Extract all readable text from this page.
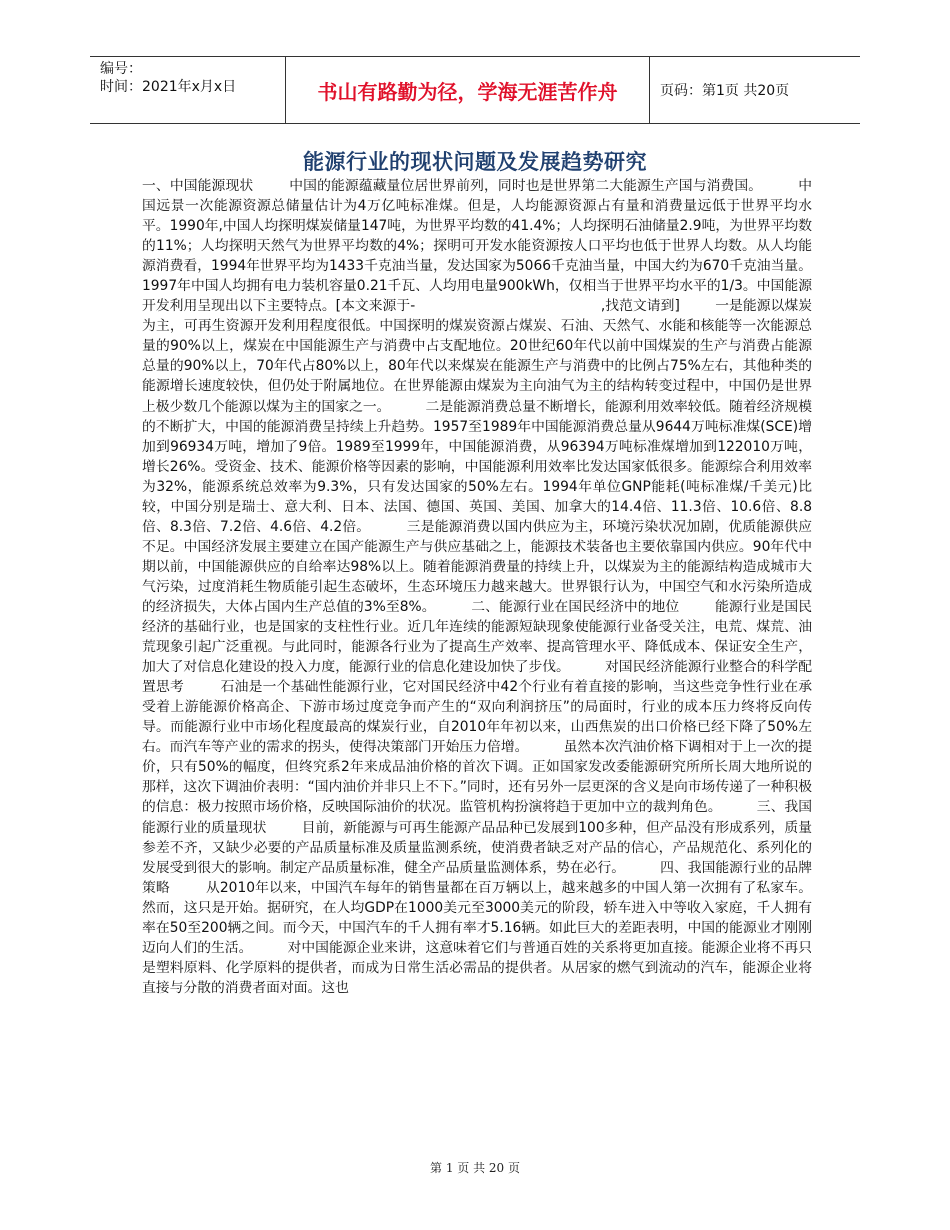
编号：
时间：2021年x月x日	书山有路勤为径，学海无涯苦作舟	页码：第1页 共20页
能源行业的现状问题及发展趋势研究
一、中国能源现状        中国的能源蕴藏量位居世界前列，同时也是世界第二大能源生产国与消费国。        中国远景一次能源资源总储量估计为4万亿吨标准煤。但是，人均能源资源占有量和消费量远低于世界平均水平。1990年,中国人均探明煤炭储量147吨，为世界平均数的41.4%；人均探明石油储量2.9吨，为世界平均数的11%；人均探明天然气为世界平均数的4%；探明可开发水能资源按人口平均也低于世界人均数。从人均能源消费看，1994年世界平均为1433千克油当量，发达国家为5066千克油当量，中国大约为670千克油当量。1997年中国人均拥有电力装机容量0.21千瓦、人均用电量900kWh，仅相当于世界平均水平的1/3。中国能源开发利用呈现出以下主要特点。[本文来源于-                                          ,找范文请到]        一是能源以煤炭为主，可再生资源开发利用程度很低。中国探明的煤炭资源占煤炭、石油、天然气、水能和核能等一次能源总量的90%以上，煤炭在中国能源生产与消费中占支配地位。20世纪60年代以前中国煤炭的生产与消费占能源总量的90%以上，70年代占80%以上，80年代以来煤炭在能源生产与消费中的比例占75%左右，其他种类的能源增长速度较快，但仍处于附属地位。在世界能源由煤炭为主向油气为主的结构转变过程中，中国仍是世界上极少数几个能源以煤为主的国家之一。        二是能源消费总量不断增长，能源利用效率较低。随着经济规模的不断扩大，中国的能源消费呈持续上升趋势。1957至1989年中国能源消费总量从9644万吨标准煤(SCE)增加到96934万吨，增加了9倍。1989至1999年，中国能源消费，从96394万吨标准煤增加到122010万吨，增长26%。受资金、技术、能源价格等因素的影响，中国能源利用效率比发达国家低很多。能源综合利用效率为32%，能源系统总效率为9.3%，只有发达国家的50%左右。1994年单位GNP能耗(吨标准煤/千美元)比较，中国分别是瑞士、意大利、日本、法国、德国、英国、美国、加拿大的14.4倍、11.3倍、10.6倍、8.8倍、8.3倍、7.2倍、4.6倍、4.2倍。        三是能源消费以国内供应为主，环境污染状况加剧，优质能源供应不足。中国经济发展主要建立在国产能源生产与供应基础之上，能源技术装备也主要依靠国内供应。90年代中期以前，中国能源供应的自给率达98%以上。随着能源消费量的持续上升，以煤炭为主的能源结构造成城市大气污染，过度消耗生物质能引起生态破坏，生态环境压力越来越大。世界银行认为，中国空气和水污染所造成的经济损失，大体占国内生产总值的3%至8%。        二、能源行业在国民经济中的地位        能源行业是国民经济的基础行业，也是国家的支柱性行业。近几年连续的能源短缺现象使能源行业备受关注，电荒、煤荒、油荒现象引起广泛重视。与此同时，能源各行业为了提高生产效率、提高管理水平、降低成本、保证安全生产，加大了对信息化建设的投入力度，能源行业的信息化建设加快了步伐。        对国民经济能源行业整合的科学配置思考        石油是一个基础性能源行业，它对国民经济中42个行业有着直接的影响，当这些竞争性行业在承受着上游能源价格高企、下游市场过度竞争而产生的“双向利润挤压”的局面时，行业的成本压力终将反向传导。而能源行业中市场化程度最高的煤炭行业，自2010年年初以来，山西焦炭的出口价格已经下降了50%左右。而汽车等产业的需求的拐头，使得决策部门开始压力倍增。        虽然本次汽油价格下调相对于上一次的提价，只有50%的幅度，但终究系2年来成品油价格的首次下调。正如国家发改委能源研究所所长周大地所说的那样，这次下调油价表明：“国内油价并非只上不下。”同时，还有另外一层更深的含义是向市场传递了一种积极的信息：极力按照市场价格，反映国际油价的状况。监管机构扮演将趋于更加中立的裁判角色。        三、我国能源行业的质量现状        目前，新能源与可再生能源产品品种已发展到100多种，但产品没有形成系列，质量参差不齐，又缺少必要的产品质量标准及质量监测系统，使消费者缺乏对产品的信心，产品规范化、系列化的发展受到很大的影响。制定产品质量标准，健全产品质量监测体系，势在必行。        四、我国能源行业的品牌策略        从2010年以来，中国汽车每年的销售量都在百万辆以上，越来越多的中国人第一次拥有了私家车。然而，这只是开始。据研究，在人均GDP在1000美元至3000美元的阶段，轿车进入中等收入家庭，千人拥有率在50至200辆之间。而今天，中国汽车的千人拥有率才5.16辆。如此巨大的差距表明，中国的能源业才刚刚迈向人们的生活。        对中国能源企业来讲，这意味着它们与普通百姓的关系将更加直接。能源企业将不再只是塑料原料、化学原料的提供者，而成为日常生活必需品的提供者。从居家的燃气到流动的汽车，能源企业将直接与分散的消费者面对面。这也
第 1 页 共 20 页
